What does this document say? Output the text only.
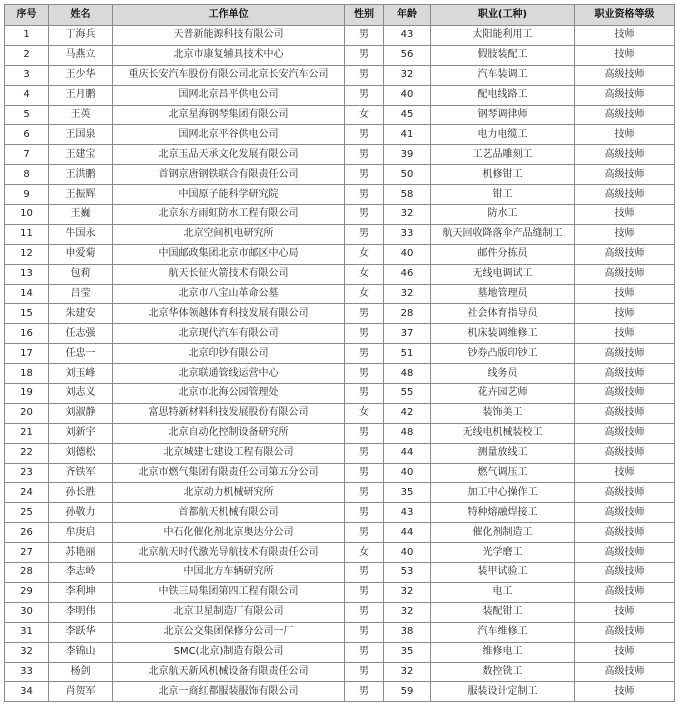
序号	姓名	工作单位	性别	年龄	职业(工种)	职业资格等级
1	丁海兵	天普新能源科技有限公司	男	43	太阳能利用工	技师
2	马燕立	北京市康复辅具技术中心	男	56	假肢装配工	技师
3	王少华	重庆长安汽车股份有限公司北京长安汽车公司	男	32	汽车装调工	高级技师
4	王月鹏	国网北京昌平供电公司	男	40	配电线路工	高级技师
5	王英	北京星海钢琴集团有限公司	女	45	钢琴调律师	高级技师
6	王国泉	国网北京平谷供电公司	男	41	电力电缆工	技师
7	王建宝	北京玉品天承文化发展有限公司	男	39	工艺品雕刻工	高级技师
8	王洪鹏	首钢京唐钢铁联合有限责任公司	男	50	机修钳工	高级技师
9	王振辉	中国原子能科学研究院	男	58	钳工	高级技师
10	王巍	北京东方雨虹防水工程有限公司	男	32	防水工	技师
11	牛国永	北京空间机电研究所	男	33	航天回收降落伞产品缝制工	技师
12	申爱菊	中国邮政集团北京市邮区中心局	女	40	邮件分拣员	高级技师
13	包莉	航天长征火箭技术有限公司	女	46	无线电调试工	高级技师
14	吕莹	北京市八宝山革命公墓	女	32	墓地管理员	技师
15	朱建安	北京华体领越体育科技发展有限公司	男	28	社会体育指导员	技师
16	任志强	北京现代汽车有限公司	男	37	机床装调维修工	技师
17	任忠一	北京印钞有限公司	男	51	钞券凸版印钞工	高级技师
18	刘玉峰	北京联通管线运营中心	男	48	线务员	高级技师
19	刘志义	北京市北海公园管理处	男	55	花卉园艺师	高级技师
20	刘淑静	富思特新材料科技发展股份有限公司	女	42	装饰美工	高级技师
21	刘新宇	北京自动化控制设备研究所	男	48	无线电机械装校工	高级技师
22	刘德松	北京城建七建设工程有限公司	男	44	测量放线工	高级技师
23	齐铁军	北京市燃气集团有限责任公司第五分公司	男	40	燃气调压工	技师
24	孙长胜	北京动力机械研究所	男	35	加工中心操作工	高级技师
25	孙敬力	首都航天机械有限公司	男	43	特种熔融焊接工	高级技师
26	牟庚启	中石化催化剂北京奥达分公司	男	44	催化剂制造工	高级技师
27	苏艳丽	北京航天时代激光导航技术有限责任公司	女	40	光学磨工	高级技师
28	李志岭	中国北方车辆研究所	男	53	装甲试验工	高级技师
29	李利坤	中铁三局集团第四工程有限公司	男	32	电工	高级技师
30	李明伟	北京卫星制造厂有限公司	男	32	装配钳工	技师
31	李跃华	北京公交集团保修分公司一厂	男	38	汽车维修工	高级技师
32	李锦山	SMC(北京)制造有限公司	男	35	维修电工	技师
33	杨剑	北京航天新风机械设备有限责任公司	男	32	数控铣工	高级技师
34	肖贺军	北京一商红都服装服饰有限公司	男	59	服装设计定制工	技师
